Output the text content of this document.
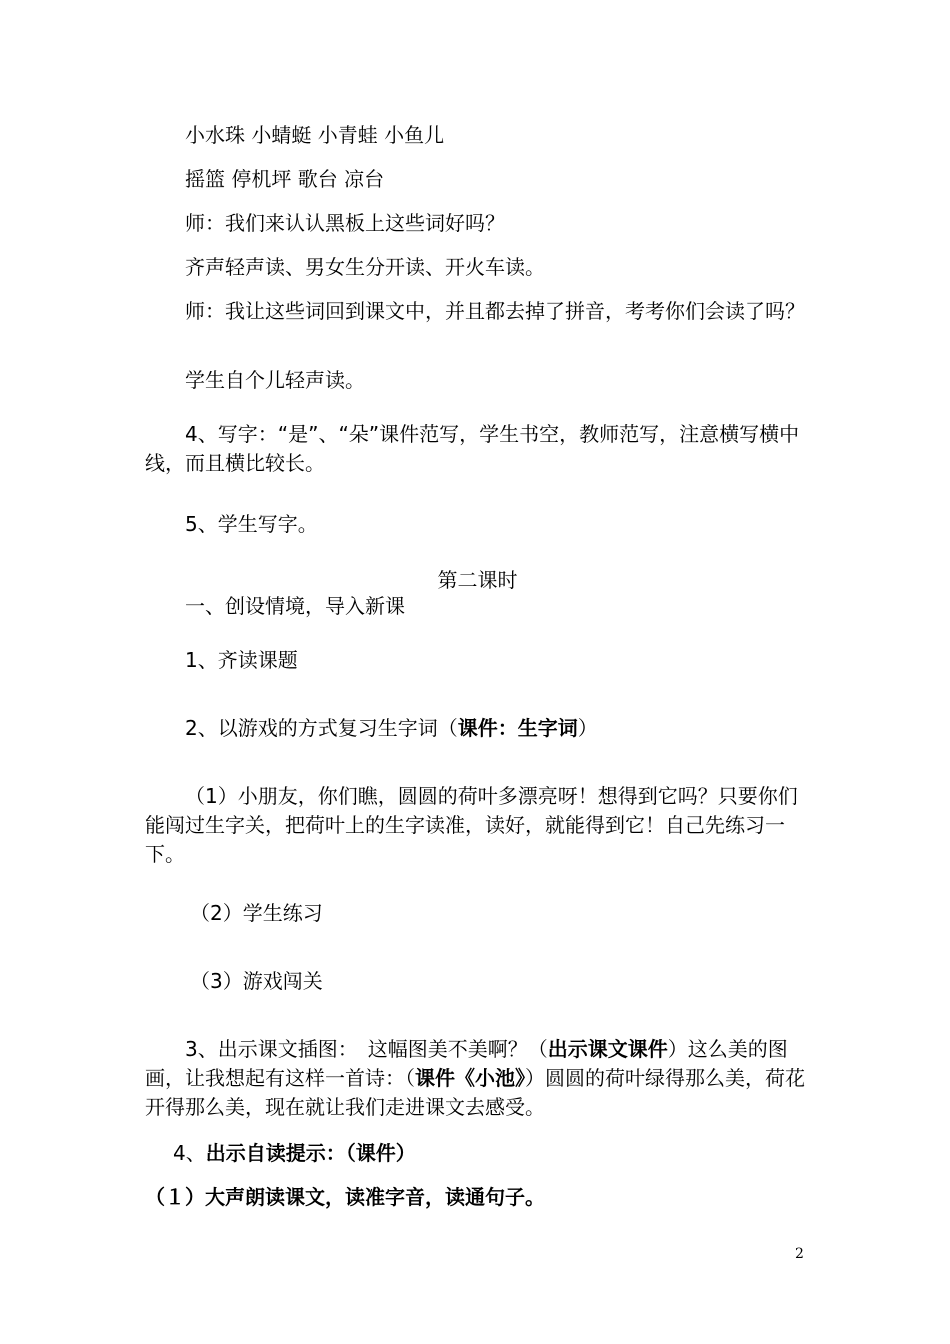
小水珠 小蜻蜓 小青蛙 小鱼儿

摇篮 停机坪 歌台 凉台

师：我们来认认黑板上这些词好吗？

齐声轻声读、男女生分开读、开火车读。

师：我让这些词回到课文中，并且都去掉了拼音，考考你们会读了吗？

学生自个儿轻声读。

4、写字：“是”、“朵”课件范写，学生书空，教师范写，注意横写横中线，而且横比较长。

5、学生写字。

第二课时

一、创设情境，导入新课

1、齐读课题

2、以游戏的方式复习生字词（课件：生字词）

（1）小朋友，你们瞧，圆圆的荷叶多漂亮呀！想得到它吗？只要你们能闯过生字关，把荷叶上的生字读准，读好，就能得到它！自己先练习一下。

（2）学生练习

（3）游戏闯关

3、出示课文插图：　这幅图美不美啊？（出示课文课件）这么美的图画，让我想起有这样一首诗：（课件《小池》）圆圆的荷叶绿得那么美，荷花开得那么美，现在就让我们走进课文去感受。

4、出示自读提示：（课件）

（１）大声朗读课文，读准字音，读通句子。

2
